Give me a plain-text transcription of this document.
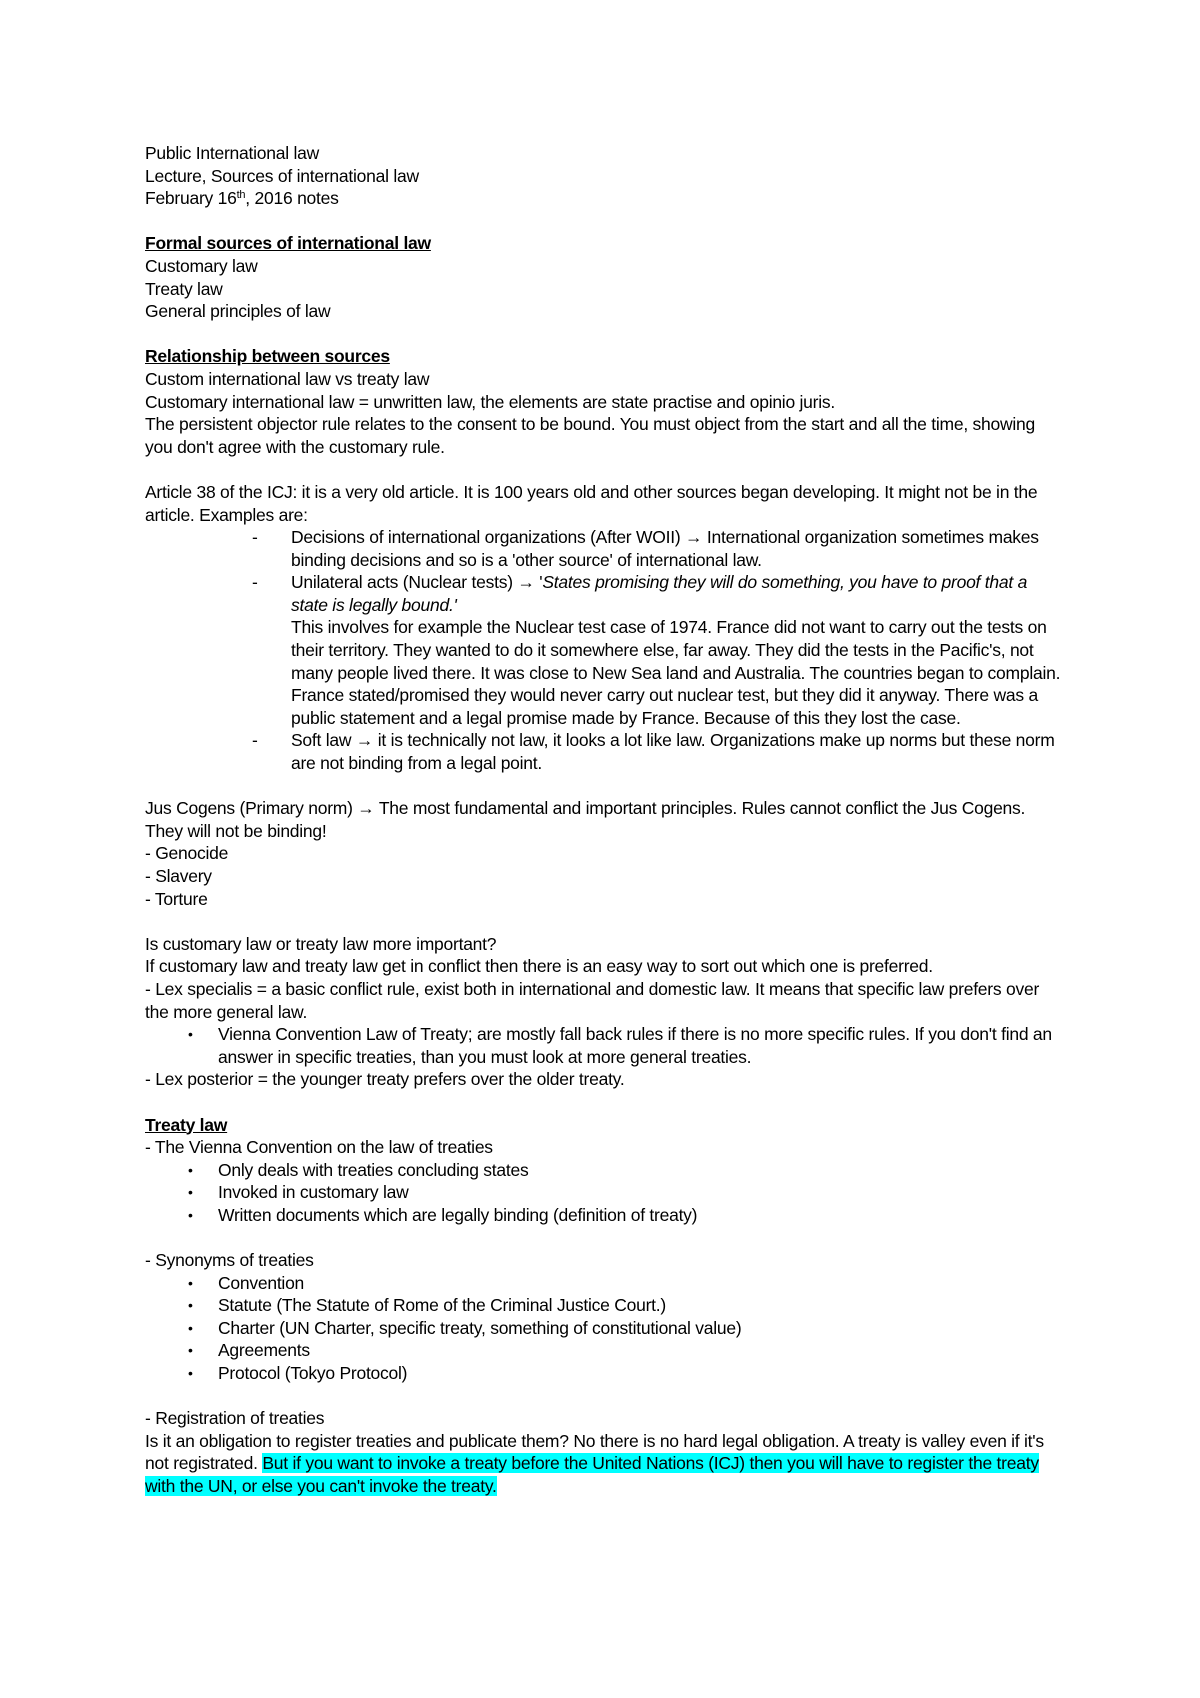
Public International law
Lecture, Sources of international law
February 16th, 2016 notes
Formal sources of international law
Customary law
Treaty law
General principles of law
Relationship between sources
Custom international law vs treaty law
Customary international law = unwritten law, the elements are state practise and opinio juris.
The persistent objector rule relates to the consent to be bound. You must object from the start and all the time, showing you don't agree with the customary rule.
Article 38 of the ICJ: it is a very old article. It is 100 years old and other sources began developing. It might not be in the article. Examples are:
- Decisions of international organizations (After WOII) → International organization sometimes makes binding decisions and so is a 'other source' of international law.
- Unilateral acts (Nuclear tests) → 'States promising they will do something, you have to proof that a state is legally bound.'
This involves for example the Nuclear test case of 1974. France did not want to carry out the tests on their territory. They wanted to do it somewhere else, far away. They did the tests in the Pacific's, not many people lived there. It was close to New Sea land and Australia. The countries began to complain. France stated/promised they would never carry out nuclear test, but they did it anyway. There was a public statement and a legal promise made by France. Because of this they lost the case.
- Soft law → it is technically not law, it looks a lot like law. Organizations make up norms but these norm are not binding from a legal point.
Jus Cogens (Primary norm) → The most fundamental and important principles. Rules cannot conflict the Jus Cogens. They will not be binding!
- Genocide
- Slavery
- Torture
Is customary law or treaty law more important?
If customary law and treaty law get in conflict then there is an easy way to sort out which one is preferred.
- Lex specialis = a basic conflict rule, exist both in international and domestic law. It means that specific law prefers over the more general law.
• Vienna Convention Law of Treaty; are mostly fall back rules if there is no more specific rules. If you don't find an answer in specific treaties, than you must look at more general treaties.
- Lex posterior = the younger treaty prefers over the older treaty.
Treaty law
- The Vienna Convention on the law of treaties
• Only deals with treaties concluding states
• Invoked in customary law
• Written documents which are legally binding (definition of treaty)
- Synonyms of treaties
• Convention
• Statute (The Statute of Rome of the Criminal Justice Court.)
• Charter (UN Charter, specific treaty, something of constitutional value)
• Agreements
• Protocol (Tokyo Protocol)
- Registration of treaties
Is it an obligation to register treaties and publicate them? No there is no hard legal obligation. A treaty is valley even if it's not registrated. But if you want to invoke a treaty before the United Nations (ICJ) then you will have to register the treaty with the UN, or else you can't invoke the treaty.
